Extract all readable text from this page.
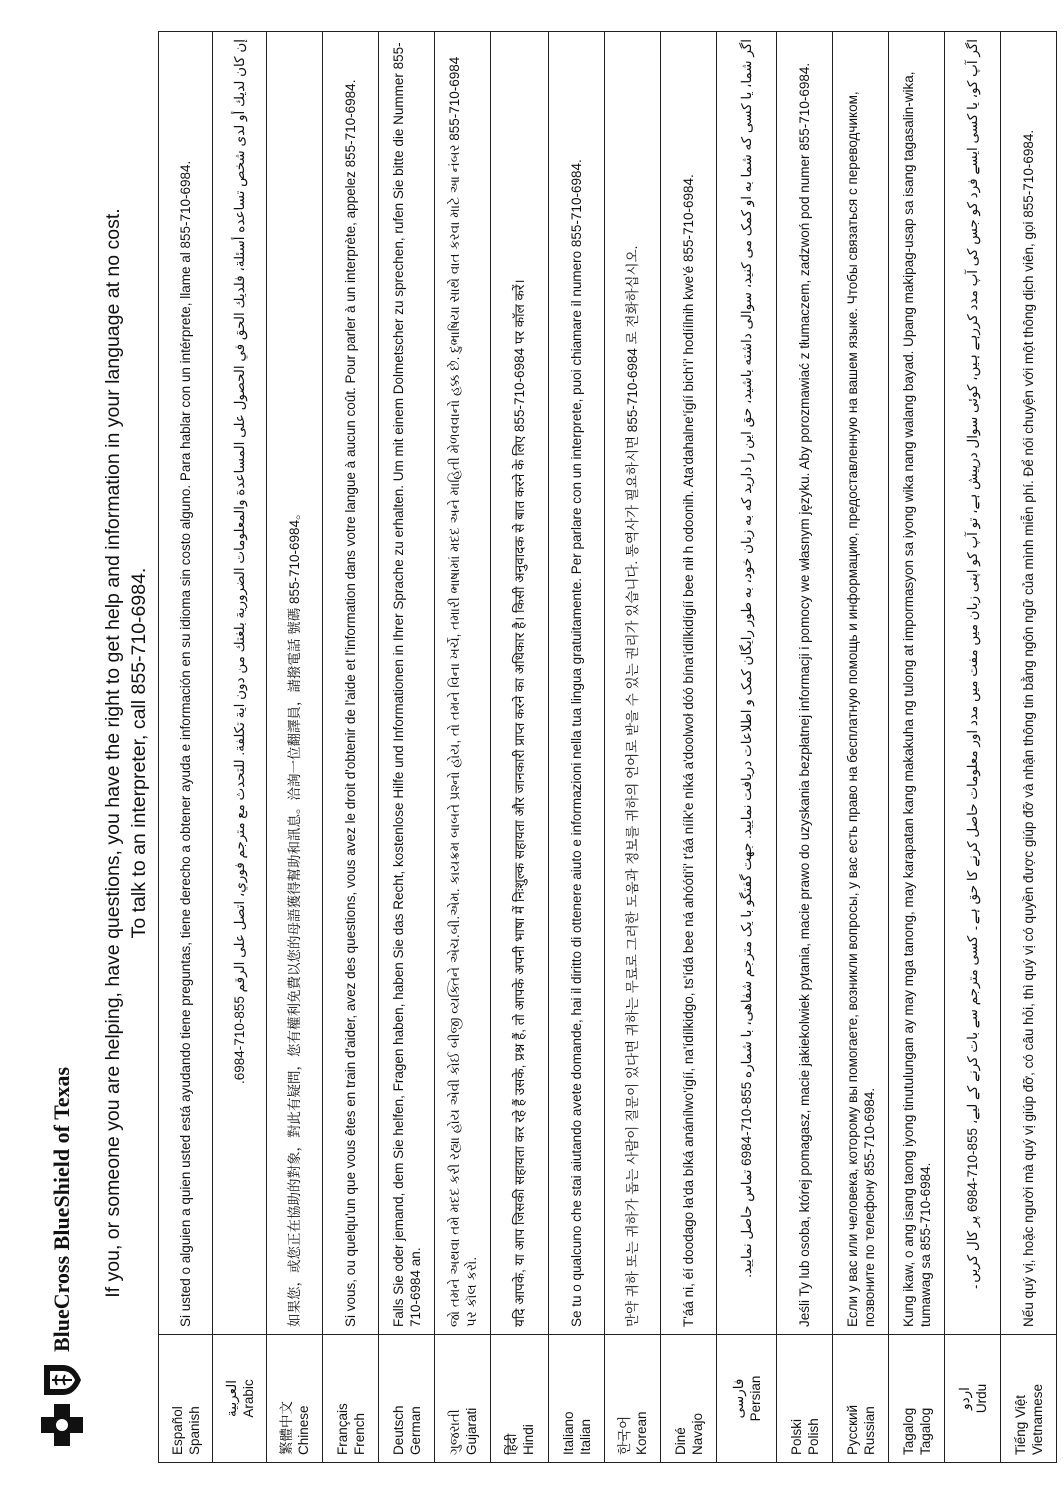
BlueCross BlueShield of Texas If you, or someone you are helping, have questions, you have the right to get help and information in your language at no cost. To talk to an interpreter, call 855-710-6984.
Español Spanish	Si usted o alguien a quien usted está ayudando tiene preguntas, tiene derecho a obtener ayuda e información en su idioma sin costo alguno. Para hablar con un intérprete, llame al 855-710-6984.

العربية Arabic	إن كان لديك أو لدى شخص تساعده أسئلة، فلديك الحق في الحصول على المساعدة والمعلومات الضرورية بلغتك من دون اية تكلفة. للتحدث مع مترجم فوري، اتصل على الرقم 855-710-6984.

繁體中文 Chinese	如果您，或您正在協助的對象，對此有疑問，您有權利免費以您的母語獲得幫助和訊息。洽詢一位翻譯員，請撥電話 號碼 855-710-6984。

Français French	Si vous, ou quelqu'un que vous êtes en train d'aider, avez des questions, vous avez le droit d'obtenir de l'aide et l'information dans votre langue à aucun coût. Pour parler à un interprète, appelez 855-710-6984.

Deutsch German	Falls Sie oder jemand, dem Sie helfen, Fragen haben, haben Sie das Recht, kostenlose Hilfe und Informationen in Ihrer Sprache zu erhalten. Um mit einem Dolmetscher zu sprechen, rufen Sie bitte die Nummer 855-710-6984 an.

ગુજરાતી Gujarati	જો તમને અથવા તમે મદદ કરી રહ્યા હોય એવી કોઈ બીજી વ્યક્તિને એચ.બી.એમ. કાયક્રમ બાબતે પ્રશ્નો હોય, તો તમને વિના ખર્ચે, તમારી ભાષામાં મદદ અને માહિતી મેળવવાનો હક્ક છે. દુભાષિયા સાથે વાત કરવા માટે આ નંબર 855-710-6984 પર કૉલ કરો.

हिंदी Hindi	यदि आपके, या आप जिसकी सहायता कर रहे हैं उसके, प्रश्न हैं, तो आपके अपनी भाषा में निःशुल्क सहायता और जानकारी प्राप्त करने का अधिकार है। किसी अनुवादक से बात करने के लिए 855-710-6984 पर कॉल करें।

Italiano Italian	Se tu o qualcuno che stai aiutando avete domande, hai il diritto di ottenere aiuto e informazioni nella tua lingua gratuitamente. Per parlare con un interprete, puoi chiamare il numero 855-710-6984.

한국어 Korean	만약 귀하 또는 귀하가 돕는 사람이 질문이 있다면 귀하는 무료로 그러한 도움과 정보를 귀하의 언어로 받을 수 있는 권리가 있습니다. 통역사가 필요하시면 855-710-6984 로 전화하십시오.

Diné Navajo	T'áá ni, éí doodago ła'da bíká anánílwo'ígíí, na'ídílkidgo, ts'ídá bee ná ahóóti'i' t'áá níík'e níká a'doolwoł dóó bína'ídílkidígíí bee nił h odoonih. Ata'dahalne'ígíí bich'i' hodíílnih kwe'é 855-710-6984.

فارسی Persian	اگر شما، یا کسی که شما به او کمک می کنید، سوالی داشته باشید، حق این را دارید که به زبان خود، به طور رایگان کمک و اطلاعات دریافت نمایید. جهت گفتگو با یک مترجم شفاهی، با شماره 855-710-6984 تماس حاصل نمایید.

Polski Polish	Jeśli Ty lub osoba, której pomagasz, macie jakiekolwiek pytania, macie prawo do uzyskania bezpłatnej informacji i pomocy we własnym języku. Aby porozmawiać z tłumaczem, zadzwoń pod numer 855-710-6984.

Русский Russian	Если у вас или человека, которому вы помогаете, возникли вопросы, у вас есть право на бесплатную помощь и информацию, предоставленную на вашем языке. Чтобы связаться с переводчиком, позвоните по телефону 855-710-6984.

Tagalog Tagalog	Kung ikaw, o ang isang taong iyong tinutulungan ay may mga tanong, may karapatan kang makakuha ng tulong at impormasyon sa iyong wika nang walang bayad. Upang makipag-usap sa isang tagasalin-wika, tumawag sa 855-710-6984.

اردو Urdu	اگر آپ کو، یا کسی ایسے فرد کو جس کی آپ مدد کررہے ہیں، کوئی سوال درپیش ہے، تو آپ کو اپنی زبان میں مفت میں مدد اور معلومات حاصل کرنے کا حق ہے۔ کسی مترجم سے بات کرنے کے لیے، 855-710-6984 پر کال کریں۔

Tiếng Việt Vietnamese	Nếu quý vị, hoặc người mà quý vị giúp đỡ, có câu hỏi, thì quý vị có quyền được giúp đỡ và nhận thông tin bằng ngôn ngữ của mình miễn phí. Để nói chuyện với một thông dịch viên, gọi 855-710-6984.
